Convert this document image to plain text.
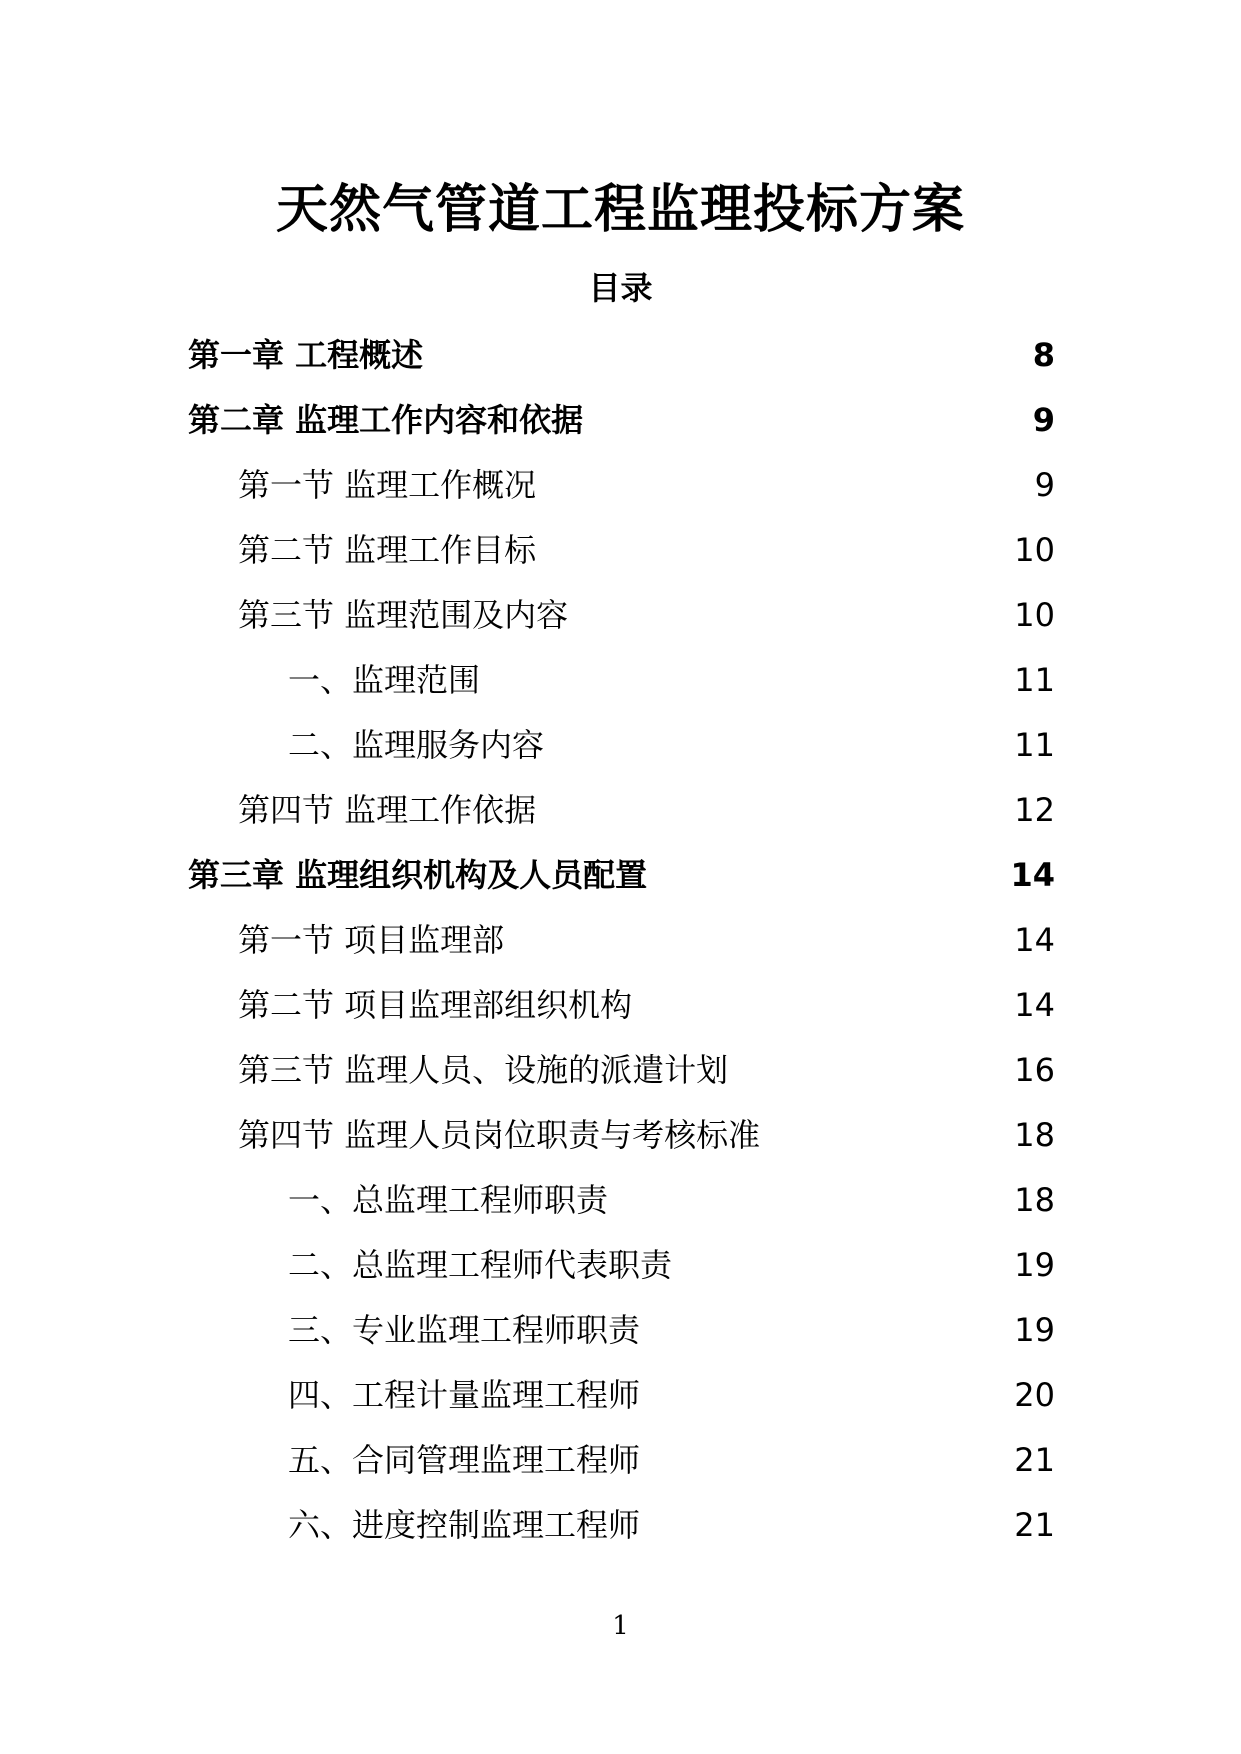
天然气管道工程监理投标方案
目录
第一章 工程概述	8
第二章 监理工作内容和依据	9
第一节 监理工作概况	9
第二节 监理工作目标	10
第三节 监理范围及内容	10
一、监理范围	11
二、监理服务内容	11
第四节 监理工作依据	12
第三章 监理组织机构及人员配置	14
第一节 项目监理部	14
第二节 项目监理部组织机构	14
第三节 监理人员、设施的派遣计划	16
第四节 监理人员岗位职责与考核标准	18
一、总监理工程师职责	18
二、总监理工程师代表职责	19
三、专业监理工程师职责	19
四、工程计量监理工程师	20
五、合同管理监理工程师	21
六、进度控制监理工程师	21
1
